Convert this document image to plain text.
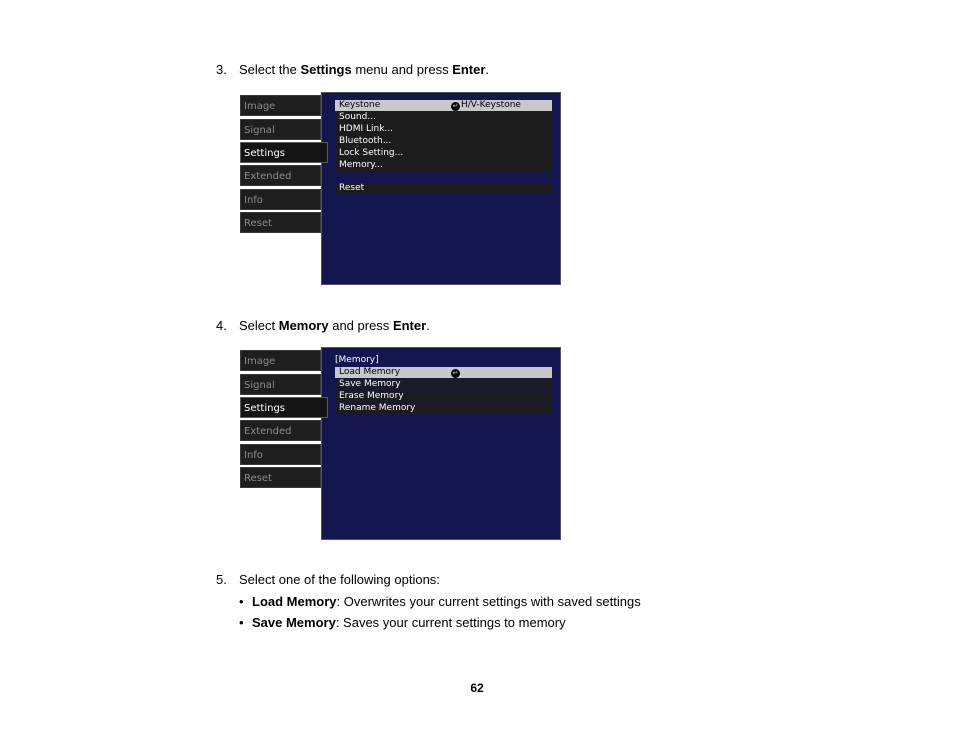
3. Select the Settings menu and press Enter.
Image
Signal
Settings
Extended
Info
Reset
Keystone	↵ H/V-Keystone
Sound...
HDMI Link...
Bluetooth...
Lock Setting...
Memory...
Reset
4. Select Memory and press Enter.
Image
Signal
Settings
Extended
Info
Reset
[Memory]
Load Memory	↵
Save Memory
Erase Memory
Rename Memory
5. Select one of the following options:
• Load Memory: Overwrites your current settings with saved settings
• Save Memory: Saves your current settings to memory
62
